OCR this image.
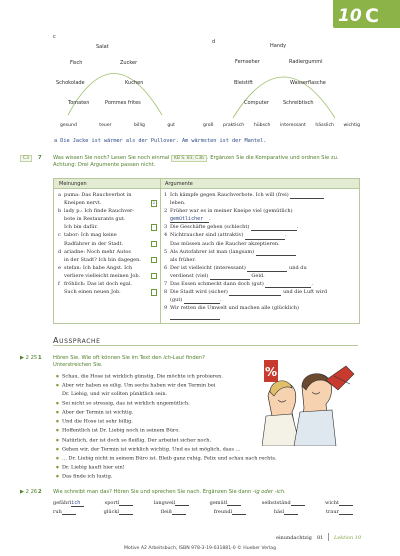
10 C
c
Salat
Fisch	Zucker
Schokolade	Kuchen
Tomaten	Pommes frites
gesund	teuer	billig	gut
d
Handy
Fernseher	Radiergummi
Bleistift	Wasserflasche
Computer	Schreibtisch
groß praktisch hübsch interessant hässlich wichtig
a Die Jacke ist wärmer als der Pullover. Am wärmsten ist der Mantel.
C3	7 Was wissen Sie noch? Lesen Sie noch einmal KB S. 83, C3b . Ergänzen Sie die Komparative und ordnen Sie zu.
Achtung: Drei Argumente passen nicht.
Meinungen	Argumente
a puma: Das Rauchverbot in
Kneipen nervt.	2
b lady p.: Ich finde Rauchver-
bote in Restaurants gut.
Ich bin dafür.
c tabor: Ich mag keine
Radfahrer in der Stadt.
d ariadne: Noch mehr Autos
in der Stadt? Ich bin dagegen.
e stefan: Ich habe Angst. Ich
verliere vielleicht meinen Job.
f fröhlich: Das ist doch egal.
Such einen neuen Job.
1 Ich kämpfe gegen Rauchverbote. Ich will (frei)
leben.
2 Früher war es in meiner Kneipe viel (gemütlich)
gemütlicher .
3 Die Geschäfte gehen (schlecht)	.
4 Nichtraucher sind (attraktiv)	.
Das müssen auch die Raucher akzeptieren.
5 Als Autofahrer ist man (langsam)
als früher.
6 Der ist vielleicht (interessant)	und du
verdienst (viel)	Geld.
7 Das Essen schmeckt dann doch (gut)	.
8 Die Stadt wird (sicher)	und die Luft wird
(gut)	.
9 Wir retten die Umwelt und machen alle (glücklich)
Aussprache
▶ 2 25 1 Hören Sie. Wie oft können Sie im Text den ich-Laut finden?
Unterstreichen Sie.
● Schau, die Hose ist wirklich günstig. Die möchte ich probieren.
● Aber wir haben es eilig. Um sechs haben wir den Termin bei
Dr. Liebig, und wir sollten pünktlich sein.
● Sei nicht so stressig, das ist wirklich ungemütlich.
● Aber der Termin ist wichtig.
● Und die Hose ist sehr billig.
● Hoffentlich ist Dr. Liebig noch in seinem Büro.
● Natürlich, der ist doch so fleißig. Der arbeitet sicher noch.
● Gehen wir, der Termin ist wirklich wichtig. Und es ist möglich, dass …
● … Dr. Liebig nicht in seinem Büro ist. Bleib ganz ruhig, Felix und schau nach rechts.
● Dr. Liebig kauft hier ein!
● Das finde ich lustig.
%
▶ 2 26 2 Wie schreibt man das? Hören Sie und sprechen Sie nach. Ergänzen Sie dann -ig oder -ich.
gefährlich	sportl	langweil	gemütl	selbstständ	wicht
ruh	glückl	fleiß	freundl	häsl	traur
einundachtzig 81 Lektion 10
Motive A2 Arbeitsbuch, ISBN 978-3-19-031881-0 © Hueber Verlag
